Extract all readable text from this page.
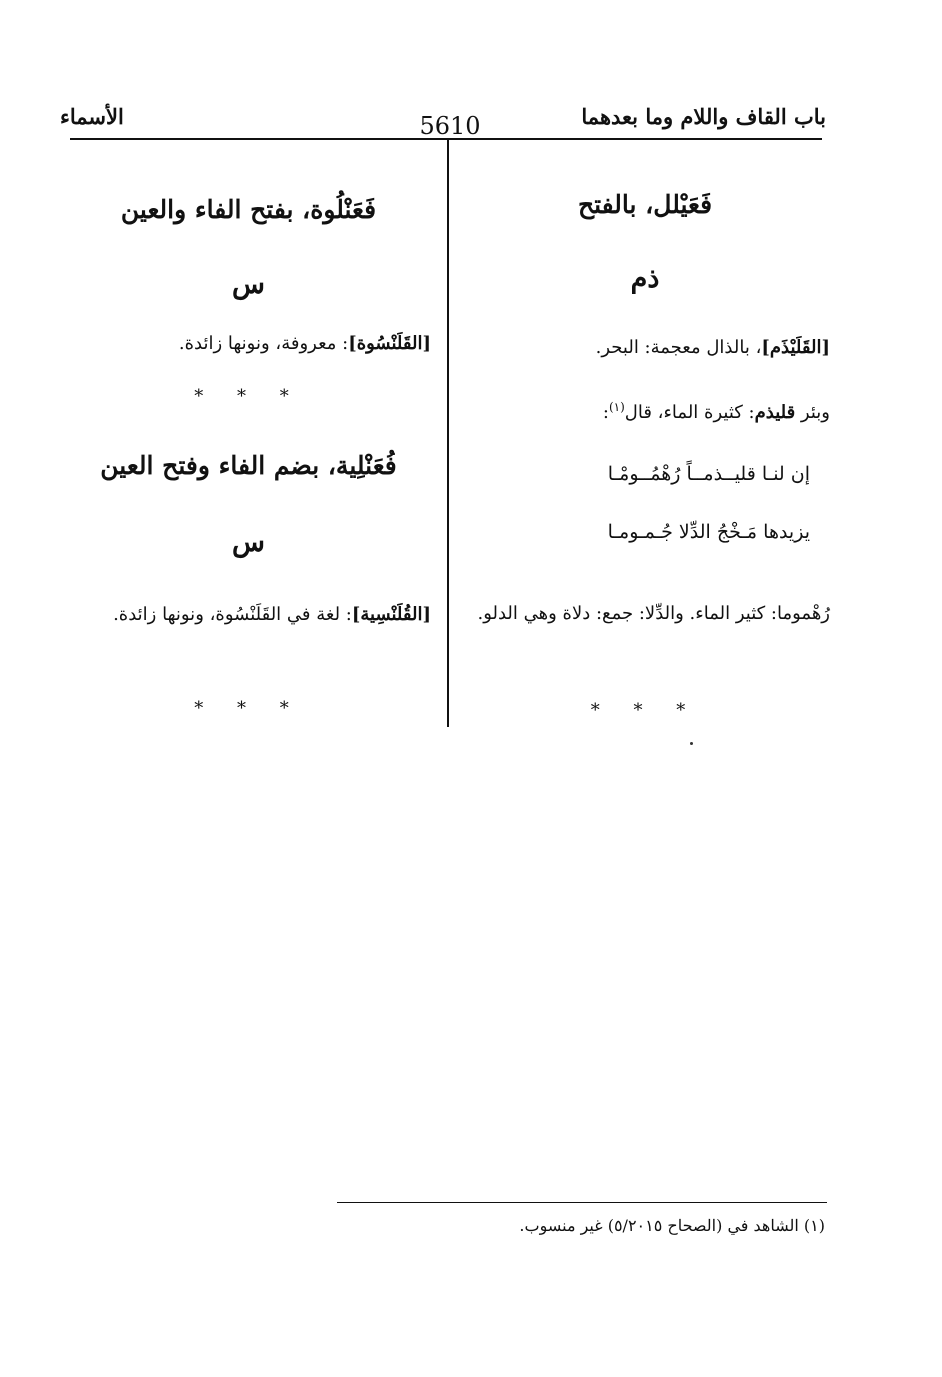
باب القاف واللام وما بعدهما
5610
الأسماء
فَعَيْلل، بالفتح
ذم
[القَلَيْذَم]، بالذال معجمة: البحر.
وبئر قليذم: كثيرة الماء، قال$^{(١)}$:
إن لنـا قليــذمــاً رُهْمُــومْـا
يزيدها مَـخْجُ الدِّلا جُـمـومـا
رُهْموما: كثير الماء. والدِّلا: جمع: دلاة وهي الدلو.
* * *
فَعَنْلُوة، بفتح الفاء والعين
س
[القَلَنْسُوة]: معروفة، ونونها زائدة.
* * *
فُعَنْلِية، بضم الفاء وفتح العين
س
[القُلَنْسِية]: لغة في القَلَنْسُوة، ونونها زائدة.
* * *
(١) الشاهد في (الصحاح ٥/٢٠١٥) غير منسوب.
